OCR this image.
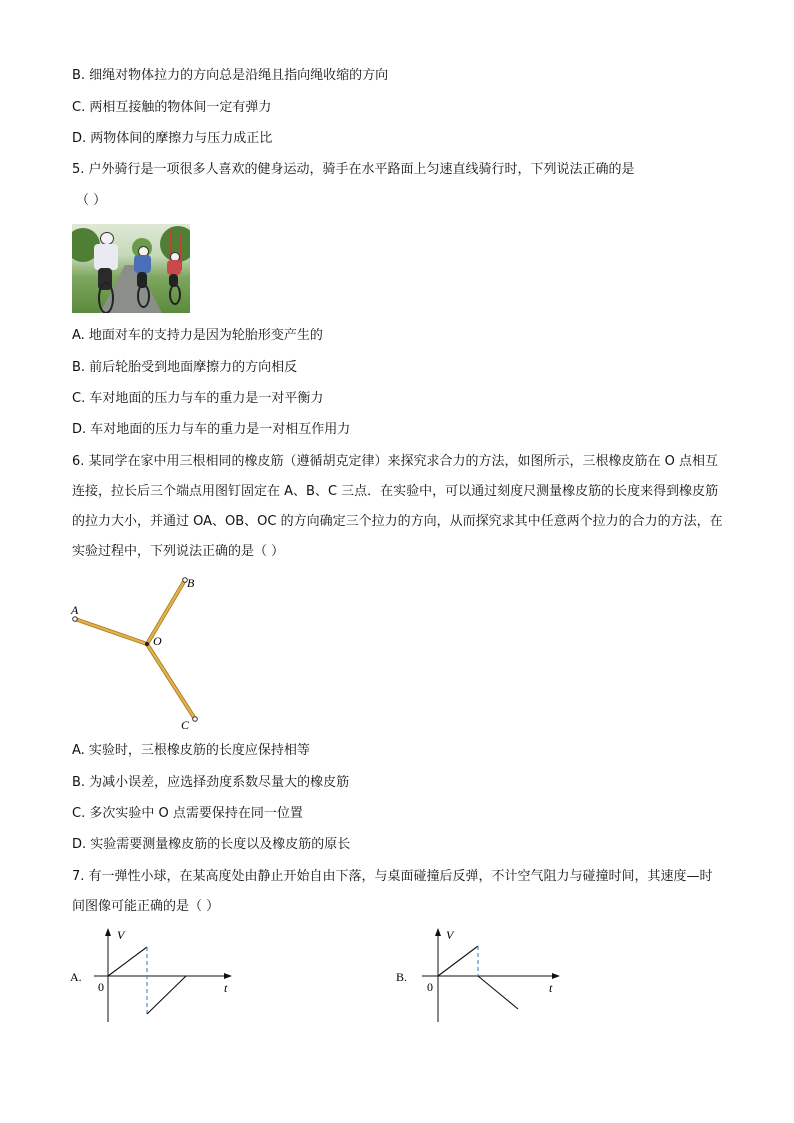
B. 细绳对物体拉力的方向总是沿绳且指向绳收缩的方向
C. 两相互接触的物体间一定有弹力
D. 两物体间的摩擦力与压力成正比
5. 户外骑行是一项很多人喜欢的健身运动，骑手在水平路面上匀速直线骑行时，下列说法正确的是
（ ）
A. 地面对车的支持力是因为轮胎形变产生的
B. 前后轮胎受到地面摩擦力的方向相反
C. 车对地面的压力与车的重力是一对平衡力
D. 车对地面的压力与车的重力是一对相互作用力
6. 某同学在家中用三根相同的橡皮筋（遵循胡克定律）来探究求合力的方法，如图所示，三根橡皮筋在 O 点相互连接，拉长后三个端点用图钉固定在 A、B、C 三点．在实验中，可以通过刻度尺测量橡皮筋的长度来得到橡皮筋的拉力大小，并通过 OA、OB、OC 的方向确定三个拉力的方向，从而探究求其中任意两个拉力的合力的方法，在实验过程中，下列说法正确的是（ ）
A
B
C
O
A. 实验时，三根橡皮筋的长度应保持相等
B. 为减小误差，应选择劲度系数尽量大的橡皮筋
C. 多次实验中 O 点需要保持在同一位置
D. 实验需要测量橡皮筋的长度以及橡皮筋的原长
7. 有一弹性小球，在某高度处由静止开始自由下落，与桌面碰撞后反弹，不计空气阻力与碰撞时间，其速度—时间图像可能正确的是（ ）
A.
V
t
0
B.
V
t
0
